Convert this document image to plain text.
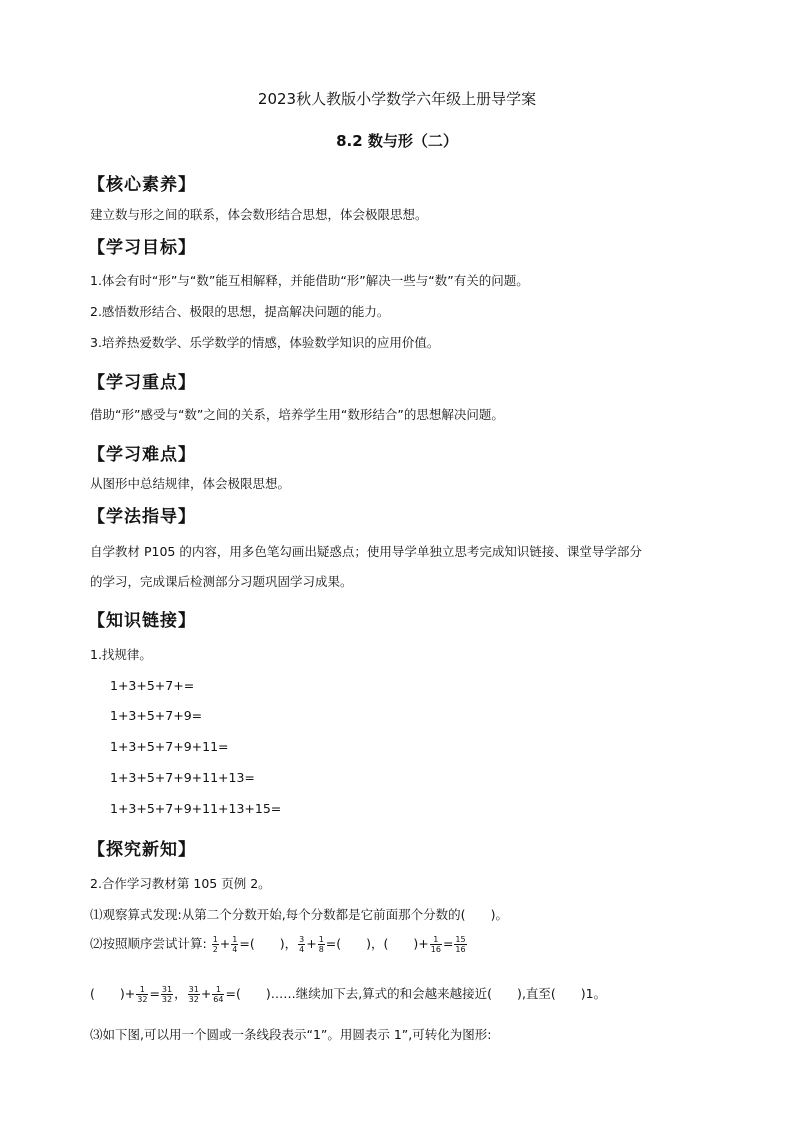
2023秋人教版小学数学六年级上册导学案
8.2 数与形（二）
【核心素养】
建立数与形之间的联系，体会数形结合思想，体会极限思想。
【学习目标】
1.体会有时“形”与“数”能互相解释，并能借助“形”解决一些与“数”有关的问题。
2.感悟数形结合、极限的思想，提高解决问题的能力。
3.培养热爱数学、乐学数学的情感，体验数学知识的应用价值。
【学习重点】
借助“形”感受与“数”之间的关系，培养学生用“数形结合”的思想解决问题。
【学习难点】
从图形中总结规律，体会极限思想。
【学法指导】
自学教材 P105 的内容，用多色笔勾画出疑惑点；使用导学单独立思考完成知识链接、课堂导学部分
的学习，完成课后检测部分习题巩固学习成果。
【知识链接】
1.找规律。
1+3+5+7+=
1+3+5+7+9=
1+3+5+7+9+11=
1+3+5+7+9+11+13=
1+3+5+7+9+11+13+15=
【探究新知】
2.合作学习教材第 105 页例 2。
⑴观察算式发现:从第二个分数开始,每个分数都是它前面那个分数的(　　)。
⑵按照顺序尝试计算: $\frac{1}{2} + \frac{1}{4}$ =(　　)， $\frac{3}{4} + \frac{1}{8}$ =(　　)，(　　)+ $\frac{1}{16} = \frac{15}{16}$
(　　)+ $\frac{1}{32} = \frac{31}{32}$ ， $\frac{31}{32} + \frac{1}{64}$ =(　　)……继续加下去,算式的和会越来越接近(　　),直至(　　)1。
⑶如下图,可以用一个圆或一条线段表示“1”。用圆表示 1”,可转化为图形:
